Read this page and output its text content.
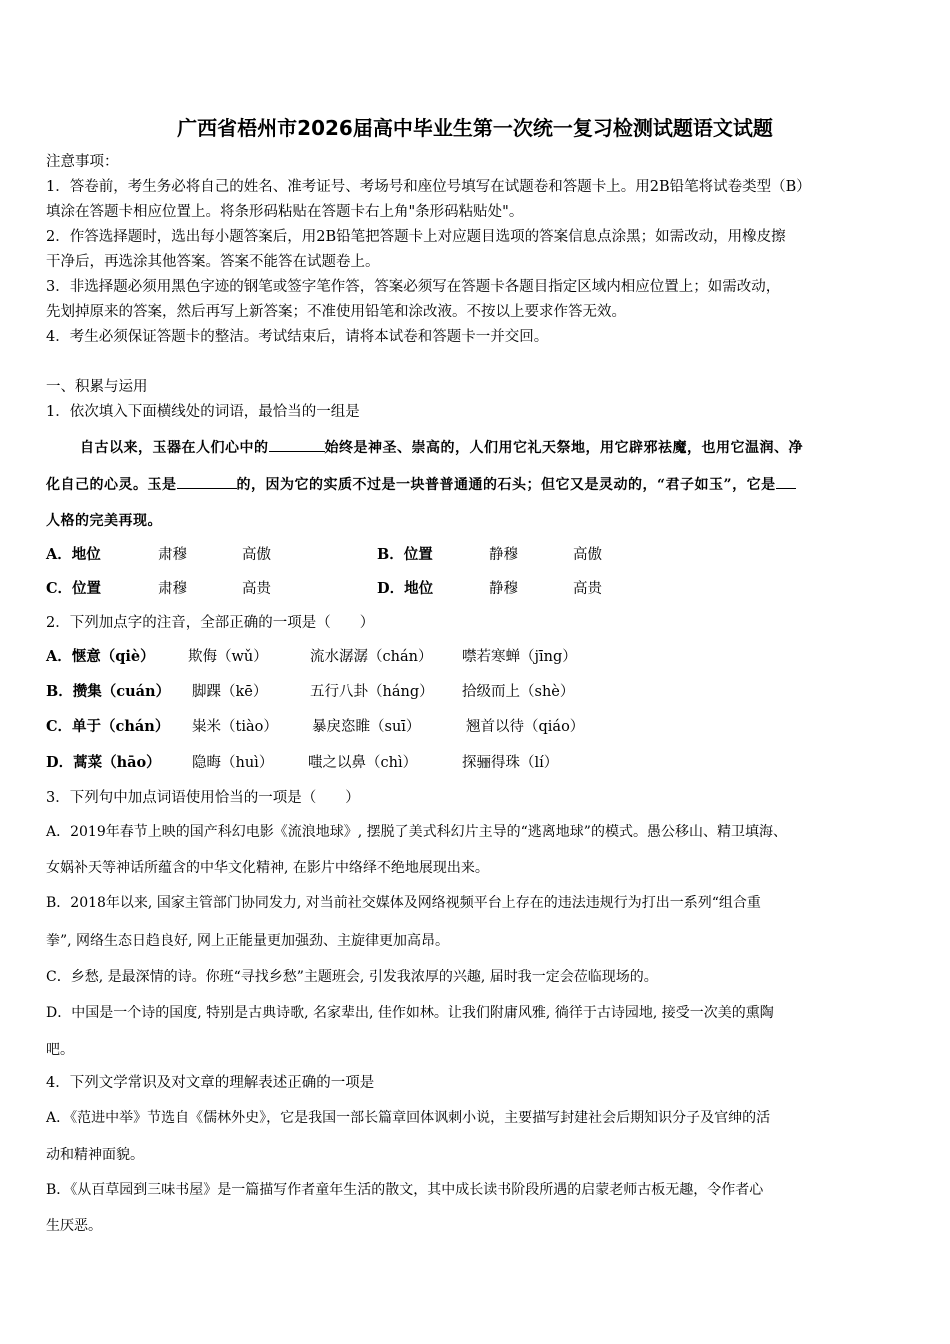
广西省梧州市2026届高中毕业生第一次统一复习检测试题语文试题
注意事项：
1．答卷前，考生务必将自己的姓名、准考证号、考场号和座位号填写在试题卷和答题卡上。用2B铅笔将试卷类型（B）
填涂在答题卡相应位置上。将条形码粘贴在答题卡右上角"条形码粘贴处"。
2．作答选择题时，选出每小题答案后，用2B铅笔把答题卡上对应题目选项的答案信息点涂黑；如需改动，用橡皮擦
干净后，再选涂其他答案。答案不能答在试题卷上。
3．非选择题必须用黑色字迹的钢笔或签字笔作答，答案必须写在答题卡各题目指定区域内相应位置上；如需改动，
先划掉原来的答案，然后再写上新答案；不准使用铅笔和涂改液。不按以上要求作答无效。
4．考生必须保证答题卡的整洁。考试结束后，请将本试卷和答题卡一并交回。
一、积累与运用
1．依次填入下面横线处的词语，最恰当的一组是
自古以来，玉器在人们心中的	始终是神圣、崇高的，人们用它礼天祭地，用它辟邪祛魔，也用它温润、净
化自己的心灵。玉是	的，因为它的实质不过是一块普普通通的石头；但它又是灵动的，“君子如玉”，它是
人格的完美再现。
A．地位	肃穆	高傲	B．位置	静穆	高傲
C．位置	肃穆	高贵	D．地位	静穆	高贵
2．下列加点字的注音，全部正确的一项是（　　）
A．惬意（qiè） 欺侮（wǔ）	流水潺潺（chán） 噤若寒蝉（jīng）
B．攒集（cuán） 脚踝（kē）	五行八卦（háng） 拾级而上（shè）
C．单于（chán） 粜米（tiào） 暴戾恣睢（suī）	翘首以待（qiáo）
D．蒿菜（hāo） 隐晦（huì） 嗤之以鼻（chì）	探骊得珠（lí）
3．下列句中加点词语使用恰当的一项是（　　）
A．2019年春节上映的国产科幻电影《流浪地球》, 摆脱了美式科幻片主导的“逃离地球”的模式。愚公移山、精卫填海、
女娲补天等神话所蕴含的中华文化精神, 在影片中络绎不绝地展现出来。
B．2018年以来, 国家主管部门协同发力, 对当前社交媒体及网络视频平台上存在的违法违规行为打出一系列“组合重
拳”, 网络生态日趋良好, 网上正能量更加强劲、主旋律更加高昂。
C．乡愁, 是最深情的诗。你班“寻找乡愁”主题班会, 引发我浓厚的兴趣, 届时我一定会莅临现场的。
D．中国是一个诗的国度, 特别是古典诗歌, 名家辈出, 佳作如林。让我们附庸风雅, 徜徉于古诗园地, 接受一次美的熏陶
吧。
4．下列文学常识及对文章的理解表述正确的一项是
A．《范进中举》节选自《儒林外史》，它是我国一部长篇章回体讽刺小说，主要描写封建社会后期知识分子及官绅的活
动和精神面貌。
B．《从百草园到三味书屋》是一篇描写作者童年生活的散文，其中成长读书阶段所遇的启蒙老师古板无趣，令作者心
生厌恶。
